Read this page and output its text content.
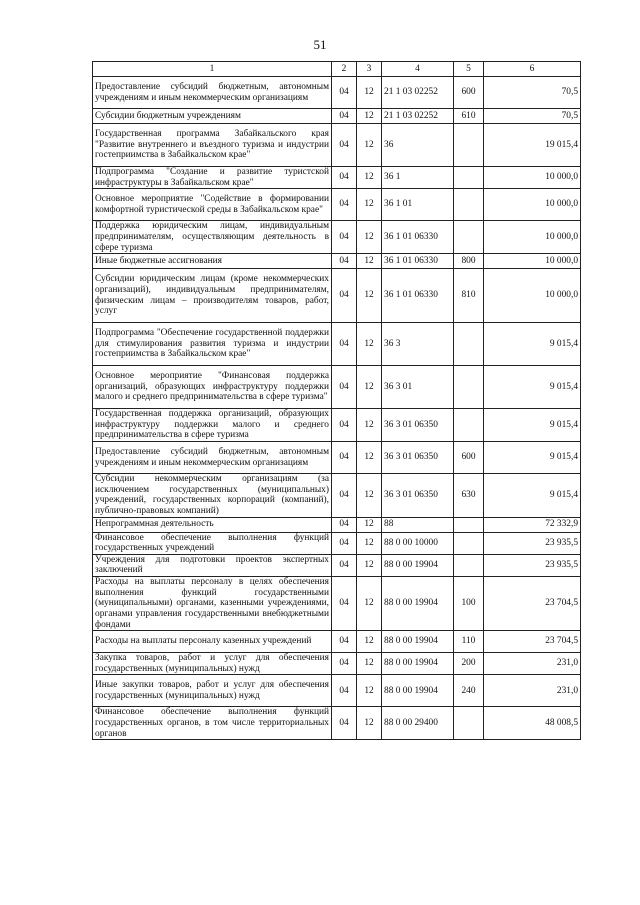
51
1	2	3	4	5	6
Предоставление субсидий бюджетным, автономным учреждениям и иным некоммерческим организациям	04	12	21 1 03 02252	600	70,5
Субсидии бюджетным учреждениям	04	12	21 1 03 02252	610	70,5
Государственная программа Забайкальского края "Развитие внутреннего и въездного туризма и индустрии гостеприимства в Забайкальском крае"	04	12	36		19 015,4
Подпрограмма "Создание и развитие туристской инфраструктуры в Забайкальском крае"	04	12	36 1		10 000,0
Основное мероприятие "Содействие в формировании комфортной туристической среды в Забайкальском крае"	04	12	36 1 01		10 000,0
Поддержка юридическим лицам, индивидуальным предпринимателям, осуществляющим деятельность в сфере туризма	04	12	36 1 01 06330		10 000,0
Иные бюджетные ассигнования	04	12	36 1 01 06330	800	10 000,0
Субсидии юридическим лицам (кроме некоммерческих организаций), индивидуальным предпринимателям, физическим лицам – производителям товаров, работ, услуг	04	12	36 1 01 06330	810	10 000,0
Подпрограмма "Обеспечение государственной поддержки для стимулирования развития туризма и индустрии гостеприимства в Забайкальском крае"	04	12	36 3		9 015,4
Основное мероприятие "Финансовая поддержка организаций, образующих инфраструктуру поддержки малого и среднего предпринимательства в сфере туризма"	04	12	36 3 01		9 015,4
Государственная поддержка организаций, образующих инфраструктуру поддержки малого и среднего предпринимательства в сфере туризма	04	12	36 3 01 06350		9 015,4
Предоставление субсидий бюджетным, автономным учреждениям и иным некоммерческим организациям	04	12	36 3 01 06350	600	9 015,4
Субсидии некоммерческим организациям (за исключением государственных (муниципальных) учреждений, государственных корпораций (компаний), публично-правовых компаний)	04	12	36 3 01 06350	630	9 015,4
Непрограммная деятельность	04	12	88		72 332,9
Финансовое обеспечение выполнения функций государственных учреждений	04	12	88 0 00 10000		23 935,5
Учреждения для подготовки проектов экспертных заключений	04	12	88 0 00 19904		23 935,5
Расходы на выплаты персоналу в целях обеспечения выполнения функций государственными (муниципальными) органами, казенными учреждениями, органами управления государственными внебюджетными фондами	04	12	88 0 00 19904	100	23 704,5
Расходы на выплаты персоналу казенных учреждений	04	12	88 0 00 19904	110	23 704,5
Закупка товаров, работ и услуг для обеспечения государственных (муниципальных) нужд	04	12	88 0 00 19904	200	231,0
Иные закупки товаров, работ и услуг для обеспечения государственных (муниципальных) нужд	04	12	88 0 00 19904	240	231,0
Финансовое обеспечение выполнения функций государственных органов, в том числе территориальных органов	04	12	88 0 00 29400		48 008,5
